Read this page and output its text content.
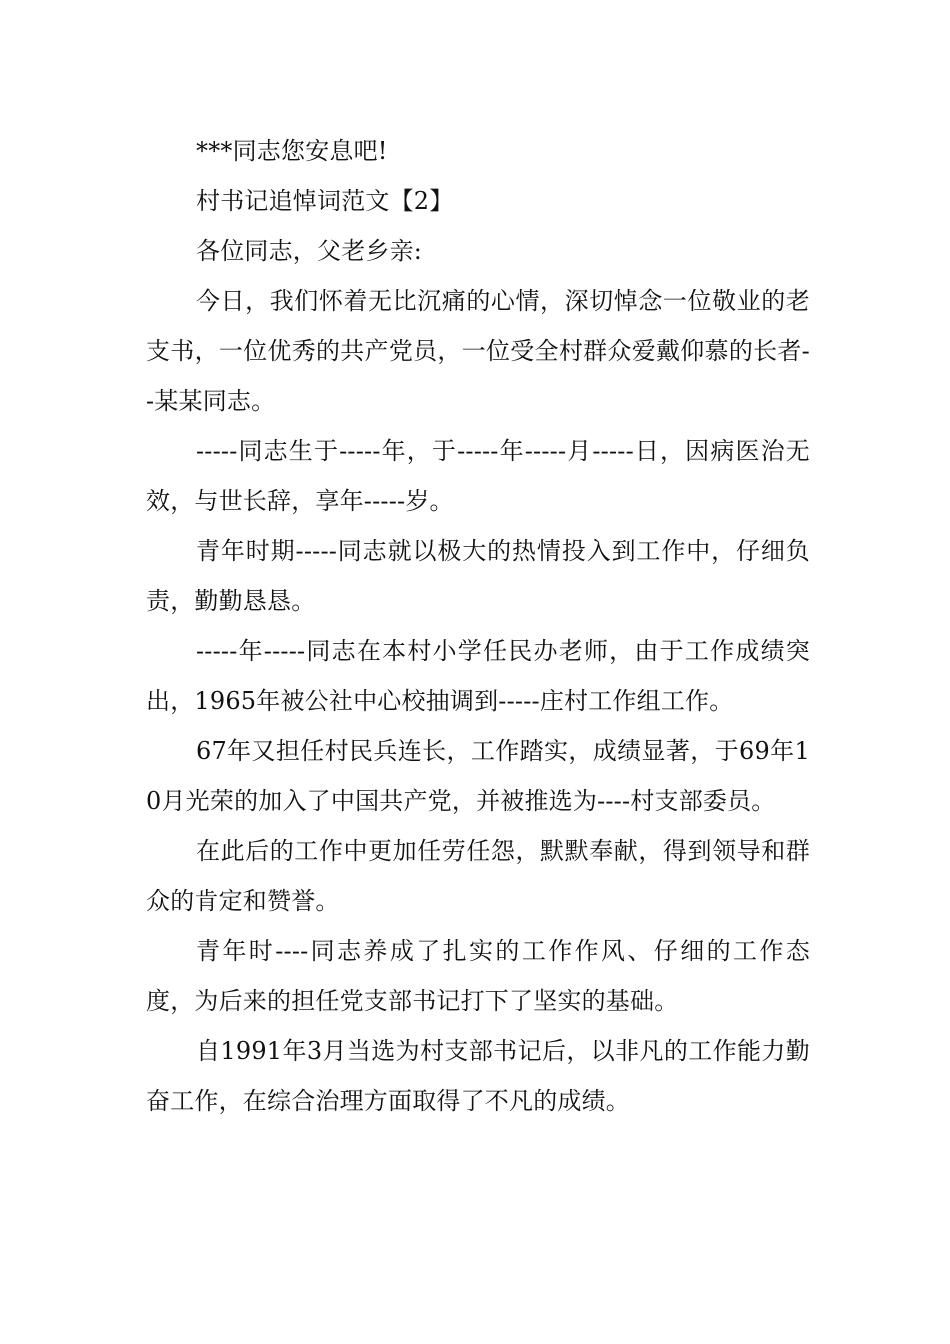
***同志您安息吧!

村书记追悼词范文【2】

各位同志，父老乡亲:

今日，我们怀着无比沉痛的心情，深切悼念一位敬业的老支书，一位优秀的共产党员，一位受全村群众爱戴仰慕的长者--某某同志。

-----同志生于-----年，于-----年-----月-----日，因病医治无效，与世长辞，享年-----岁。

青年时期-----同志就以极大的热情投入到工作中，仔细负责，勤勤恳恳。

-----年-----同志在本村小学任民办老师，由于工作成绩突出，1965年被公社中心校抽调到-----庄村工作组工作。

67年又担任村民兵连长，工作踏实，成绩显著，于69年10月光荣的加入了中国共产党，并被推选为----村支部委员。

在此后的工作中更加任劳任怨，默默奉献，得到领导和群众的肯定和赞誉。

青年时----同志养成了扎实的工作作风、仔细的工作态度，为后来的担任党支部书记打下了坚实的基础。

自1991年3月当选为村支部书记后，以非凡的工作能力勤奋工作，在综合治理方面取得了不凡的成绩。
